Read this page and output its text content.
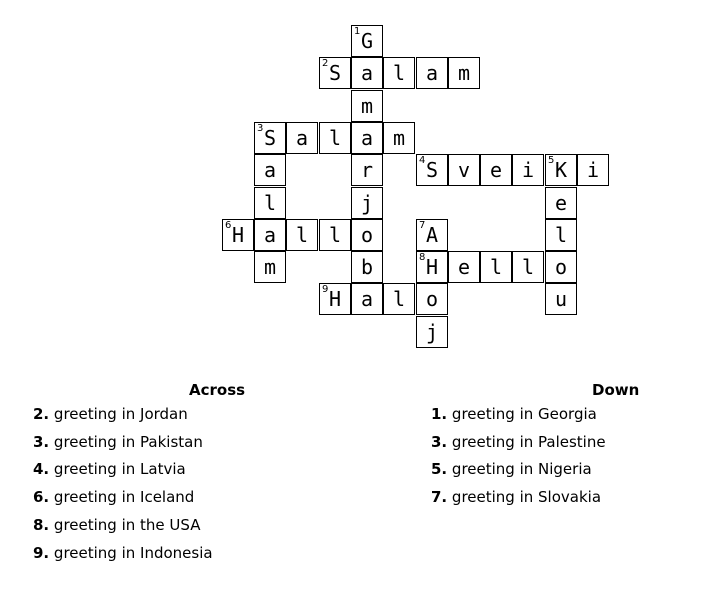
1 G
2 S a l	a m
m
3 S a	l a m
a	r	4 S v e i	5 K i
l	j	e
6 H a l	l o	7 A	l
m	b	8 H e l l	o
9 H a l	o	u
j
Across
2. greeting in Jordan
3. greeting in Pakistan
4. greeting in Latvia
6. greeting in Iceland
8. greeting in the USA
9. greeting in Indonesia
Down
1. greeting in Georgia
3. greeting in Palestine
5. greeting in Nigeria
7. greeting in Slovakia
